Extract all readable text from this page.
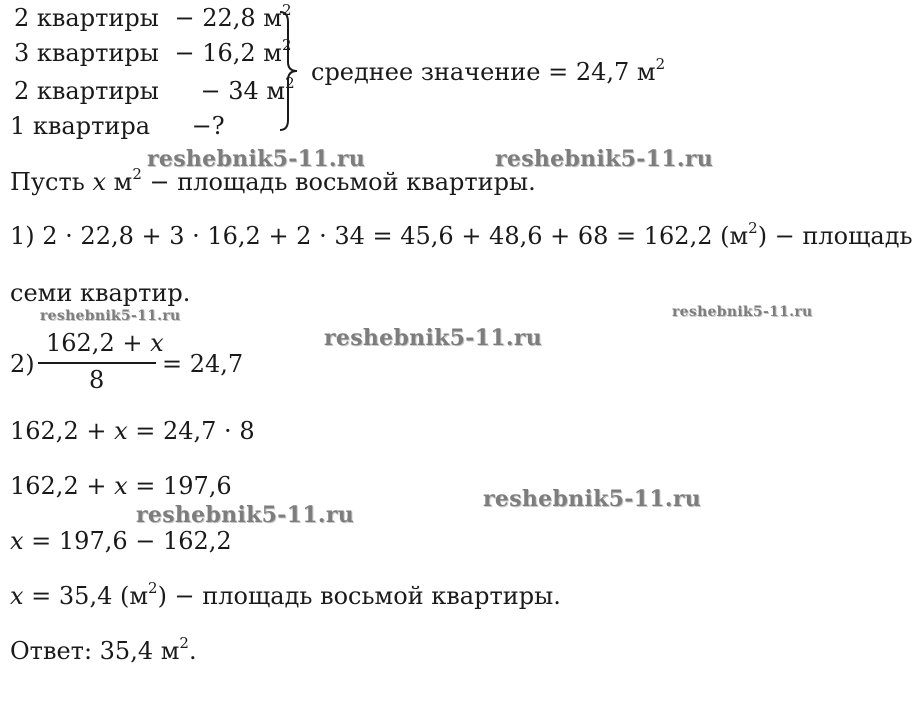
2 квартиры − 22,8 $м^2$
3 квартиры − 16,2 $м^2$
2 квартиры − 34 $м^2$
1 квартира −?
среднее значение = 24,7 $м^2$
Пусть x $м^2$ − площадь восьмой квартиры.
1) 2 · 22,8 + 3 · 16,2 + 2 · 34 = 45,6 + 48,6 + 68 = 162,2 $(м^2)$ − площадь
семи квартир.
2)
162,2 + x
8
= 24,7
162,2 + x = 24,7 · 8
162,2 + x = 197,6
x = 197,6 − 162,2
x = 35,4 $(м^2)$ − площадь восьмой квартиры.
Ответ: 35,4 $м^2$.
reshebnik5-11.ru	reshebnik5-11.ru
reshebnik5-11.ru	reshebnik5-11.ru
reshebnik5-11.ru
reshebnik5-11.ru
reshebnik5-11.ru
